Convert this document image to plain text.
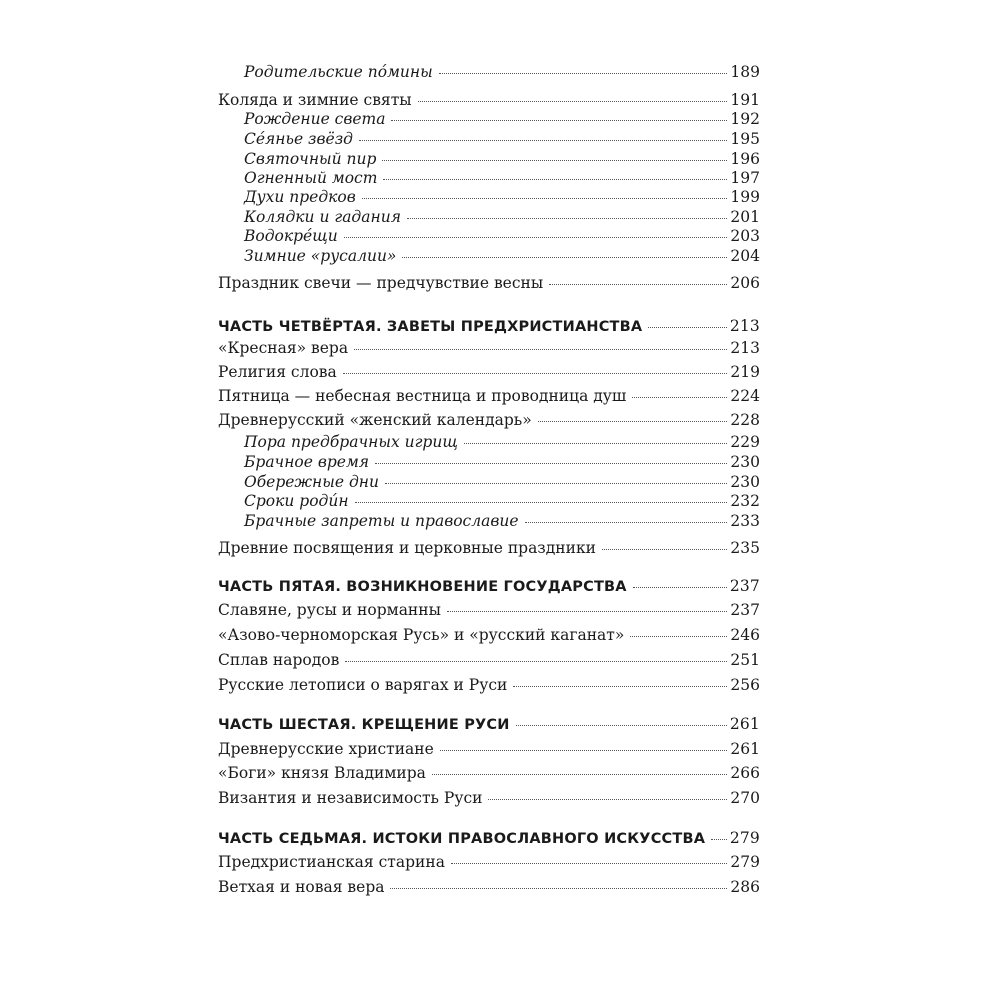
Родительские по́мины	189
Коляда и зимние святы	191
Рождение света	192
Се́янье звёзд	195
Святочный пир	196
Огненный мост	197
Духи предков	199
Колядки и гадания	201
Водокре́щи	203
Зимние «русалии»	204
Праздник свечи — предчувствие весны	206
ЧАСТЬ ЧЕТВЁРТАЯ. ЗАВЕТЫ ПРЕДХРИСТИАНСТВА	213
«Кресная» вера	213
Религия слова	219
Пятница — небесная вестница и проводница душ	224
Древнерусский «женский календарь»	228
Пора предбрачных игрищ	229
Брачное время	230
Обережные дни	230
Сроки роди́н	232
Брачные запреты и православие	233
Древние посвящения и церковные праздники	235
ЧАСТЬ ПЯТАЯ. ВОЗНИКНОВЕНИЕ ГОСУДАРСТВА	237
Славяне, русы и норманны	237
«Азово-черноморская Русь» и «русский каганат»	246
Сплав народов	251
Русские летописи о варягах и Руси	256
ЧАСТЬ ШЕСТАЯ. КРЕЩЕНИЕ РУСИ	261
Древнерусские христиане	261
«Боги» князя Владимира	266
Византия и независимость Руси	270
ЧАСТЬ СЕДЬМАЯ. ИСТОКИ ПРАВОСЛАВНОГО ИСКУССТВА 279
Предхристианская старина	279
Ветхая и новая вера	286
